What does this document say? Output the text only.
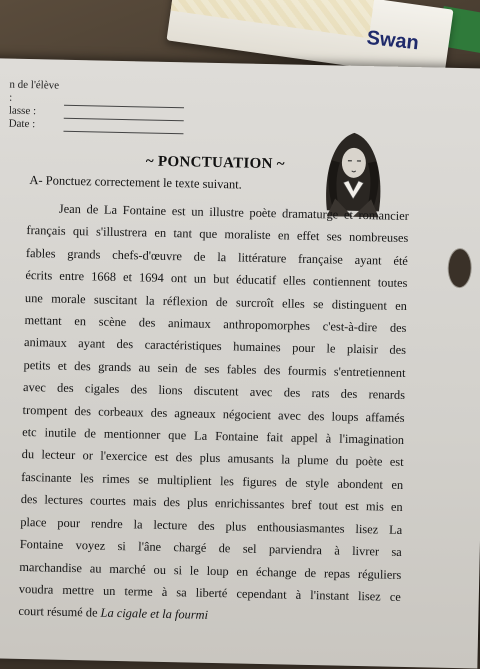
Swan
n de l'élève :
lasse :
Date :
~ PONCTUATION ~
A- Ponctuez correctement le texte suivant.
Jean de La Fontaine est un illustre poète dramaturge et romancier
français qui s'illustrera en tant que moraliste en effet ses nombreuses
fables grands chefs-d'œuvre de la littérature française ayant été
écrits entre 1668 et 1694 ont un but éducatif elles contiennent toutes
une morale suscitant la réflexion de surcroît elles se distinguent en
mettant en scène des animaux anthropomorphes c'est-à-dire des
animaux ayant des caractéristiques humaines pour le plaisir des
petits et des grands au sein de ses fables des fourmis s'entretiennent
avec des cigales des lions discutent avec des rats des renards
trompent des corbeaux des agneaux négocient avec des loups affamés
etc inutile de mentionner que La Fontaine fait appel à l'imagination
du lecteur or l'exercice est des plus amusants la plume du poète est
fascinante les rimes se multiplient les figures de style abondent en
des lectures courtes mais des plus enrichissantes bref tout est mis en
place pour rendre la lecture des plus enthousiasmantes lisez La
Fontaine voyez si l'âne chargé de sel parviendra à livrer sa
marchandise au marché ou si le loup en échange de repas réguliers
voudra mettre un terme à sa liberté cependant à l'instant lisez ce
court résumé de La cigale et la fourmi
